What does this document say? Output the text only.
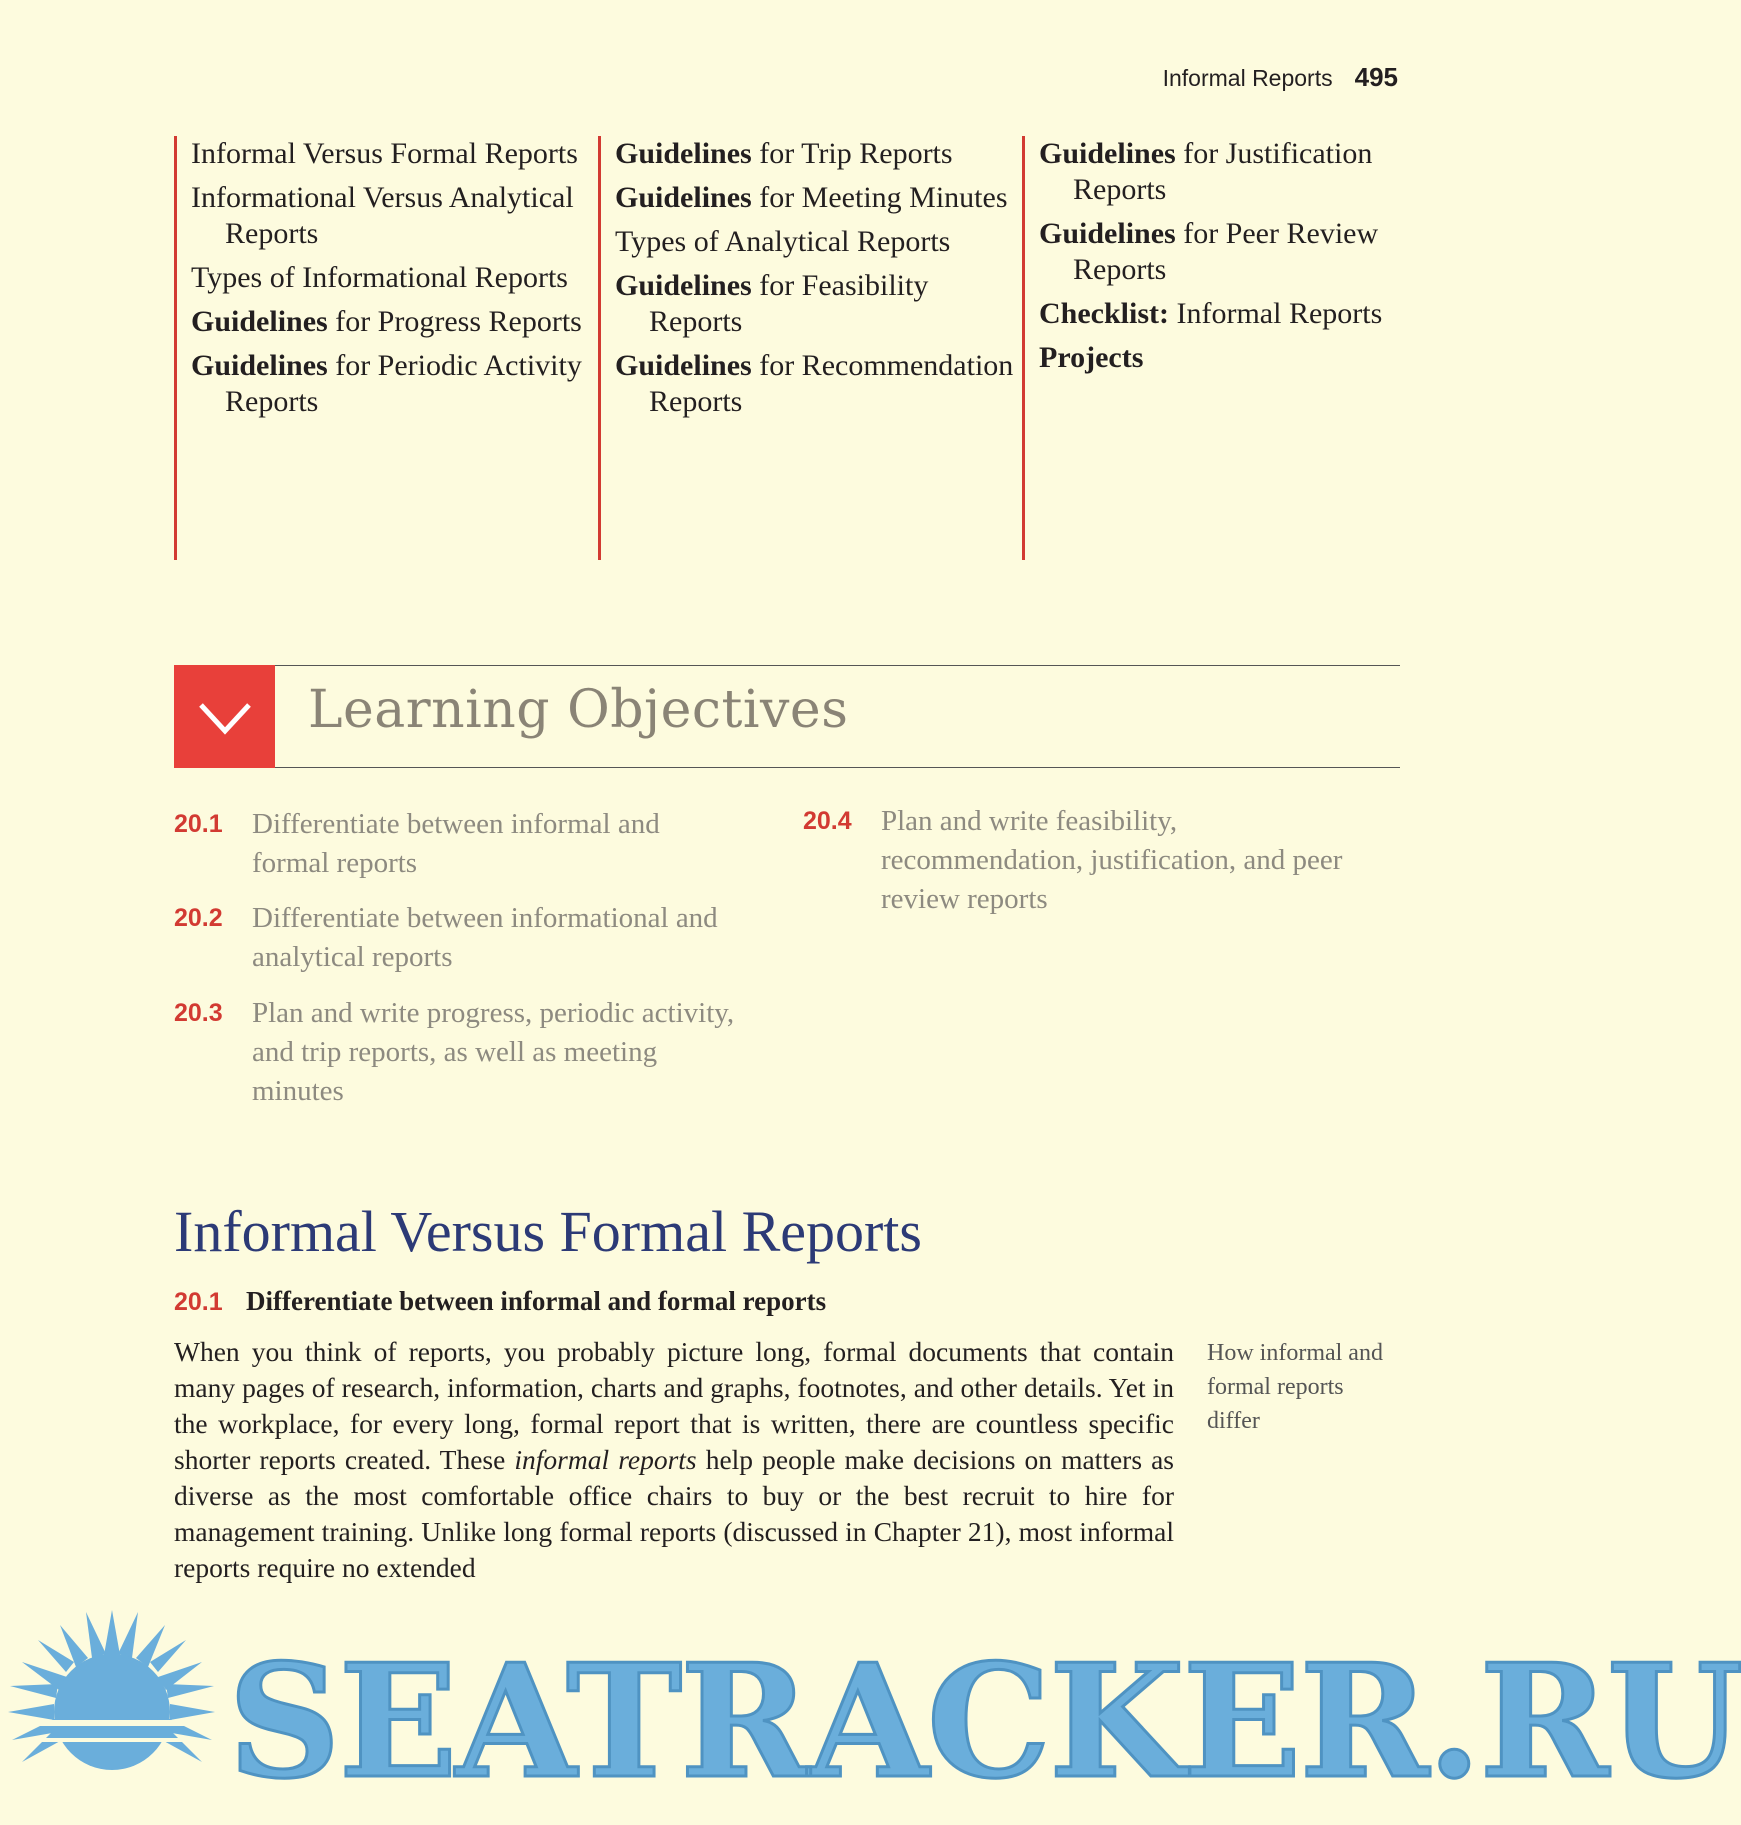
Informal Reports 495
Informal Versus Formal Reports
Informational Versus Analytical Reports
Types of Informational Reports
Guidelines for Progress Reports
Guidelines for Periodic Activity Reports
Guidelines for Trip Reports
Guidelines for Meeting Minutes
Types of Analytical Reports
Guidelines for Feasibility Reports
Guidelines for Recommendation Reports
Guidelines for Justification Reports
Guidelines for Peer Review Reports
Checklist: Informal Reports
Projects
Learning Objectives
20.1	Differentiate between informal and formal reports
20.2	Differentiate between informational and analytical reports
20.3	Plan and write progress, periodic activity, and trip reports, as well as meeting minutes
20.4	Plan and write feasibility, recommendation, justification, and peer review reports
Informal Versus Formal Reports
20.1 Differentiate between informal and formal reports
When you think of reports, you probably picture long, formal documents that contain many pages of research, information, charts and graphs, footnotes, and other details. Yet in the workplace, for every long, formal report that is written, there are countless specific shorter reports created. These informal reports help people make decisions on matters as diverse as the most comfortable office chairs to buy or the best recruit to hire for management training. Unlike long formal reports (discussed in Chapter 21), most informal reports require no extended
How informal and formal reports differ
SEATRACKER.RU
